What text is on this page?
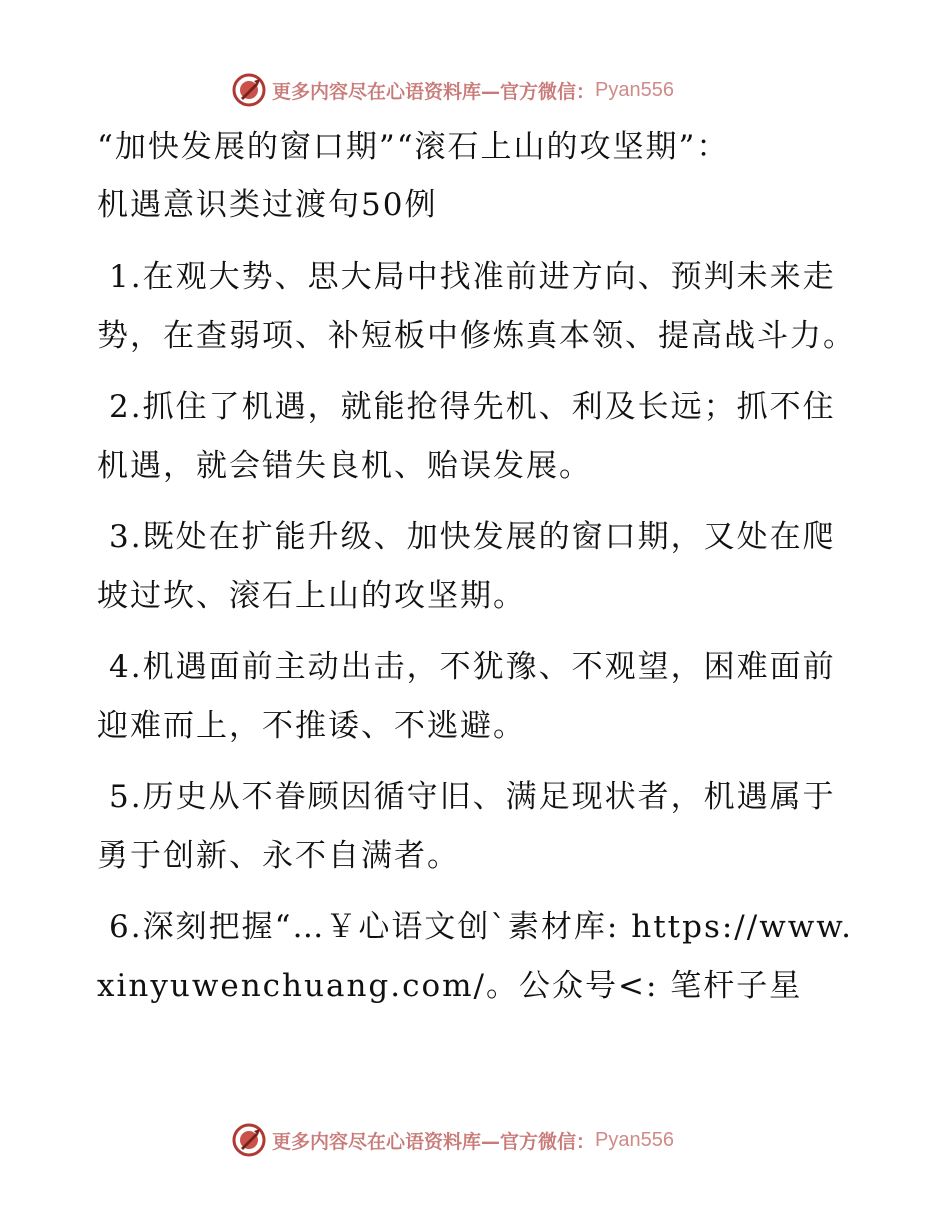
更多内容尽在心语资料库—官方微信： Pyan556
“加快发展的窗口期”“滚石上山的攻坚期”：
机遇意识类过渡句50例

1.在观大势、思大局中找准前进方向、预判未来走势，在查弱项、补短板中修炼真本领、提高战斗力。

2.抓住了机遇，就能抢得先机、利及长远；抓不住机遇，就会错失良机、贻误发展。

3.既处在扩能升级、加快发展的窗口期，又处在爬坡过坎、滚石上山的攻坚期。

4.机遇面前主动出击，不犹豫、不观望，困难面前迎难而上，不推诿、不逃避。

5.历史从不眷顾因循守旧、满足现状者，机遇属于勇于创新、永不自满者。

6.深刻把握“…￥心语文创`素材库: https://www.xinyuwenchuang.com/。公众号<: 笔杆子星

更多内容尽在心语资料库—官方微信： Pyan556
